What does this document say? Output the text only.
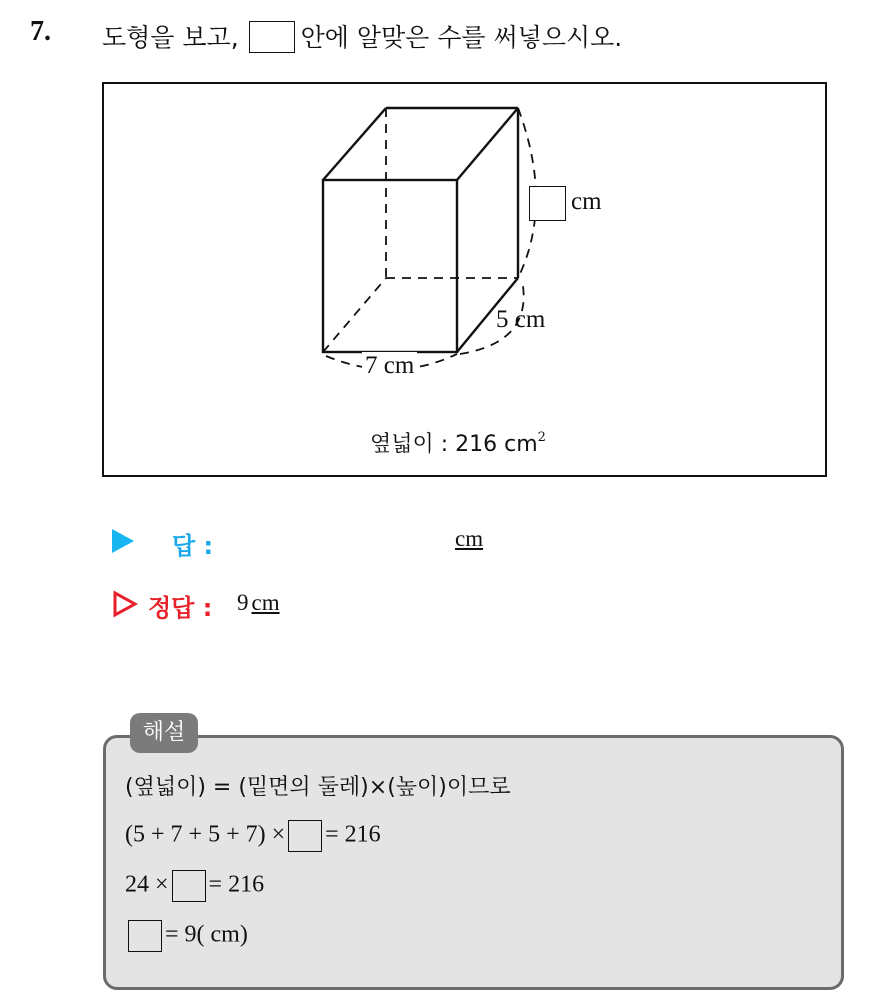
7. 도형을 보고, 안에 알맞은 수를 써넣으시오.
cm
5 cm
7 cm
옆넓이 : 216 $cm^2$
답 :	cm
정답 : 9 cm
해설
(옆넓이) = (밑면의 둘레)×(높이)이므로
(5 + 7 + 5 + 7) × = 216
24 × = 216
= 9( cm)
